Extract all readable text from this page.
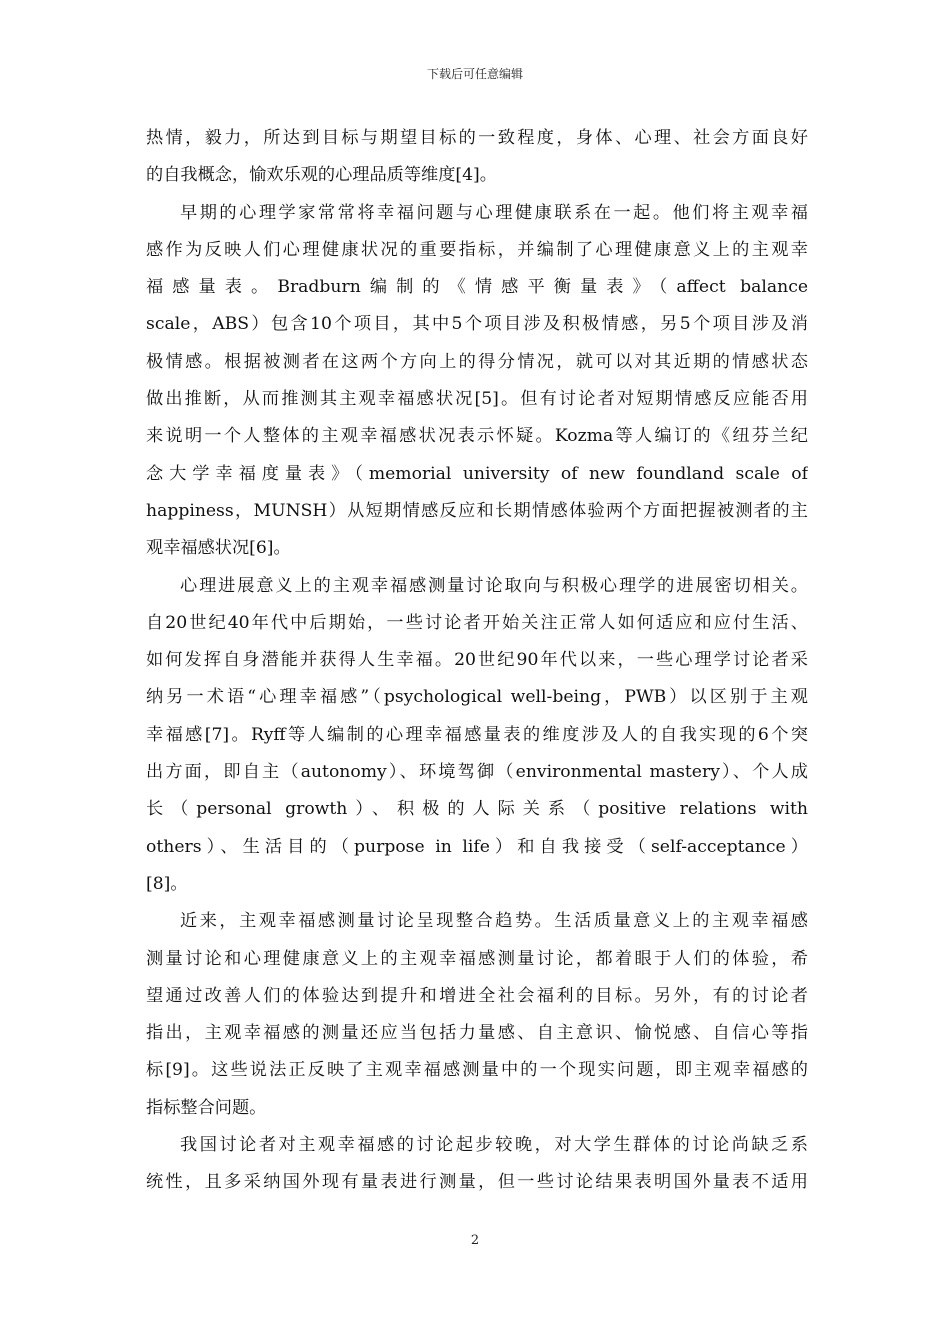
下载后可任意编辑
热情，毅力，所达到目标与期望目标的一致程度，身体、心理、社会方面良好
的自我概念，愉欢乐观的心理品质等维度[4]。
早期的心理学家常常将幸福问题与心理健康联系在一起。他们将主观幸福
感作为反映人们心理健康状况的重要指标，并编制了心理健康意义上的主观幸
福感量表。Bradburn编制的《情感平衡量表》（affect balance
scale，ABS）包含10个项目，其中5个项目涉及积极情感，另5个项目涉及消
极情感。根据被测者在这两个方向上的得分情况，就可以对其近期的情感状态
做出推断，从而推测其主观幸福感状况[5]。但有讨论者对短期情感反应能否用
来说明一个人整体的主观幸福感状况表示怀疑。Kozma等人编订的《纽芬兰纪
念大学幸福度量表》（memorial university of new foundland scale of
happiness，MUNSH）从短期情感反应和长期情感体验两个方面把握被测者的主
观幸福感状况[6]。
心理进展意义上的主观幸福感测量讨论取向与积极心理学的进展密切相关。
自20世纪40年代中后期始，一些讨论者开始关注正常人如何适应和应付生活、
如何发挥自身潜能并获得人生幸福。20世纪90年代以来，一些心理学讨论者采
纳另一术语“心理幸福感”（psychological well-being，PWB）以区别于主观
幸福感[7]。Ryff等人编制的心理幸福感量表的维度涉及人的自我实现的6个突
出方面，即自主（autonomy）、环境驾御（environmental mastery）、个人成
长（personal growth）、积极的人际关系（positive relations with
others）、生活目的（purpose in life）和自我接受（self-acceptance）
[8]。
近来，主观幸福感测量讨论呈现整合趋势。生活质量意义上的主观幸福感
测量讨论和心理健康意义上的主观幸福感测量讨论，都着眼于人们的体验，希
望通过改善人们的体验达到提升和增进全社会福利的目标。另外，有的讨论者
指出，主观幸福感的测量还应当包括力量感、自主意识、愉悦感、自信心等指
标[9]。这些说法正反映了主观幸福感测量中的一个现实问题，即主观幸福感的
指标整合问题。
我国讨论者对主观幸福感的讨论起步较晚，对大学生群体的讨论尚缺乏系
统性，且多采纳国外现有量表进行测量，但一些讨论结果表明国外量表不适用
2
